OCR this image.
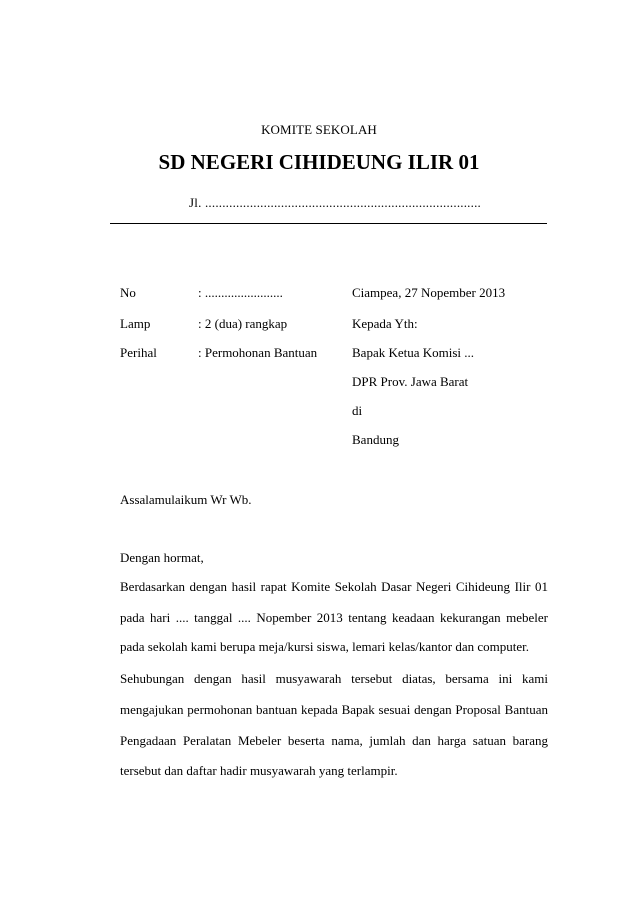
KOMITE SEKOLAH
SD NEGERI CIHIDEUNG ILIR 01
Jl. ................................................................................
No	: ........................	Ciampea, 27 Nopember 2013
Lamp	: 2 (dua) rangkap	Kepada Yth:
Perihal	: Permohonan Bantuan	Bapak Ketua Komisi ...
DPR Prov. Jawa Barat
di
Bandung
Assalamulaikum Wr Wb.
Dengan hormat,
Berdasarkan dengan hasil rapat Komite Sekolah Dasar Negeri Cihideung Ilir 01
pada hari .... tanggal .... Nopember 2013 tentang keadaan kekurangan mebeler
pada sekolah kami berupa meja/kursi siswa, lemari kelas/kantor dan computer.
Sehubungan dengan hasil musyawarah tersebut diatas, bersama ini kami
mengajukan permohonan bantuan kepada Bapak sesuai dengan Proposal Bantuan
Pengadaan Peralatan Mebeler beserta nama, jumlah dan harga satuan barang
tersebut dan daftar hadir musyawarah yang terlampir.
